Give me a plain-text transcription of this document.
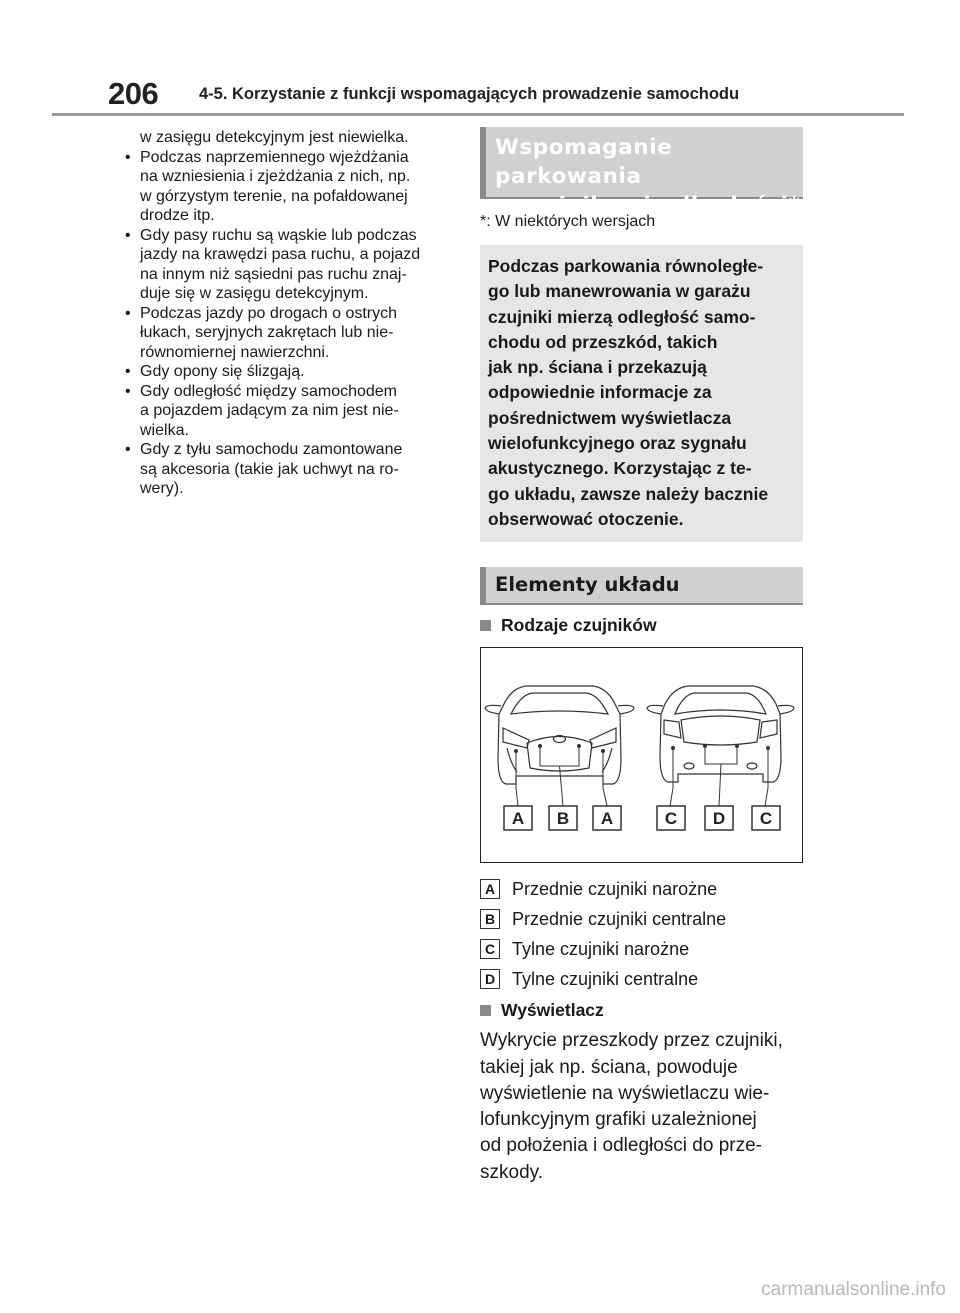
206 4-5. Korzystanie z funkcji wspomagających prowadzenie samochodu

w zasięgu detekcyjnym jest niewielka.

• Podczas naprzemiennego wjeżdżania
na wzniesienia i zjeżdżania z nich, np.
w górzystym terenie, na pofałdowanej
drodze itp.
• Gdy pasy ruchu są wąskie lub podczas
jazdy na krawędzi pasa ruchu, a pojazd
na innym niż sąsiedni pas ruchu znaj-
duje się w zasięgu detekcyjnym.
• Podczas jazdy po drogach o ostrych
łukach, seryjnych zakrętach lub nie-
równomiernej nawierzchni.
• Gdy opony się ślizgają.
• Gdy odległość między samochodem
a pojazdem jadącym za nim jest nie-
wielka.
• Gdy z tyłu samochodu zamontowane
są akcesoria (takie jak uchwyt na ro-
wery).
Wspomaganie parkowania
z czujnikami odległości*
*: W niektórych wersjach

Podczas parkowania równoległe-
go lub manewrowania w garażu
czujniki mierzą odległość samo-
chodu od przeszkód, takich
jak np. ściana i przekazują
odpowiednie informacje za
pośrednictwem wyświetlacza
wielofunkcyjnego oraz sygnału
akustycznego. Korzystając z te-
go układu, zawsze należy bacznie
obserwować otoczenie.

Elementy układu
Rodzaje czujników
A B A	C D C
A Przednie czujniki narożne
B Przednie czujniki centralne
C Tylne czujniki narożne
D Tylne czujniki centralne
Wyświetlacz

Wykrycie przeszkody przez czujniki,
takiej jak np. ściana, powoduje
wyświetlenie na wyświetlaczu wie-
lofunkcyjnym grafiki uzależnionej
od położenia i odległości do prze-
szkody.

carmanualsonline.info
